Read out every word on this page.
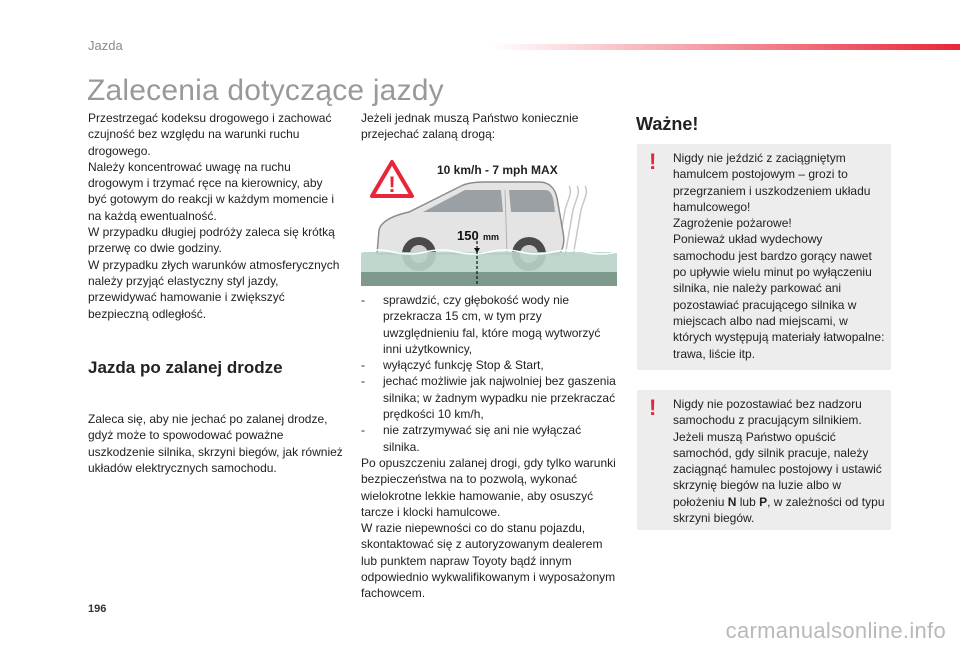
Jazda
Zalecenia dotyczące jazdy

Przestrzegać kodeksu drogowego i zachować czujność bez względu na warunki ruchu drogowego.

Należy koncentrować uwagę na ruchu drogowym i trzymać ręce na kierownicy, aby być gotowym do reakcji w każdym momencie i na każdą ewentualność.

W przypadku długiej podróży zaleca się krótką przerwę co dwie godziny.

W przypadku złych warunków atmosferycznych należy przyjąć elastyczny styl jazdy, przewidywać hamowanie i zwiększyć bezpieczną odległość.

Jazda po zalanej drodze

Zaleca się, aby nie jechać po zalanej drodze, gdyż może to spowodować poważne uszkodzenie silnika, skrzyni biegów, jak również układów elektrycznych samochodu.

Jeżeli jednak muszą Państwo koniecznie przejechać zalaną drogą:

!
10 km/h - 7 mph MAX
150 mm
- sprawdzić, czy głębokość wody nie przekracza 15 cm, w tym przy uwzględnieniu fal, które mogą wytworzyć inni użytkownicy,
- wyłączyć funkcję Stop & Start,
- jechać możliwie jak najwolniej bez gaszenia silnika; w żadnym wypadku nie przekraczać prędkości 10 km/h,
- nie zatrzymywać się ani nie wyłączać silnika.

Po opuszczeniu zalanej drogi, gdy tylko warunki bezpieczeństwa na to pozwolą, wykonać wielokrotne lekkie hamowanie, aby osuszyć tarcze i klocki hamulcowe.

W razie niepewności co do stanu pojazdu, skontaktować się z autoryzowanym dealerem lub punktem napraw Toyoty bądź innym odpowiednio wykwalifikowanym i wyposażonym fachowcem.

Ważne!
! Nigdy nie jeździć z zaciągniętym hamulcem postojowym – grozi to przegrzaniem i uszkodzeniem układu hamulcowego!

Zagrożenie pożarowe!

Ponieważ układ wydechowy samochodu jest bardzo gorący nawet po upływie wielu minut po wyłączeniu silnika, nie należy parkować ani pozostawiać pracującego silnika w miejscach albo nad miejscami, w których występują materiały łatwopalne: trawa, liście itp.

! Nigdy nie pozostawiać bez nadzoru samochodu z pracującym silnikiem.

Jeżeli muszą Państwo opuścić samochód, gdy silnik pracuje, należy zaciągnąć hamulec postojowy i ustawić skrzynię biegów na luzie albo w położeniu N lub P, w zależności od typu skrzyni biegów.

196
carmanualsonline.info
